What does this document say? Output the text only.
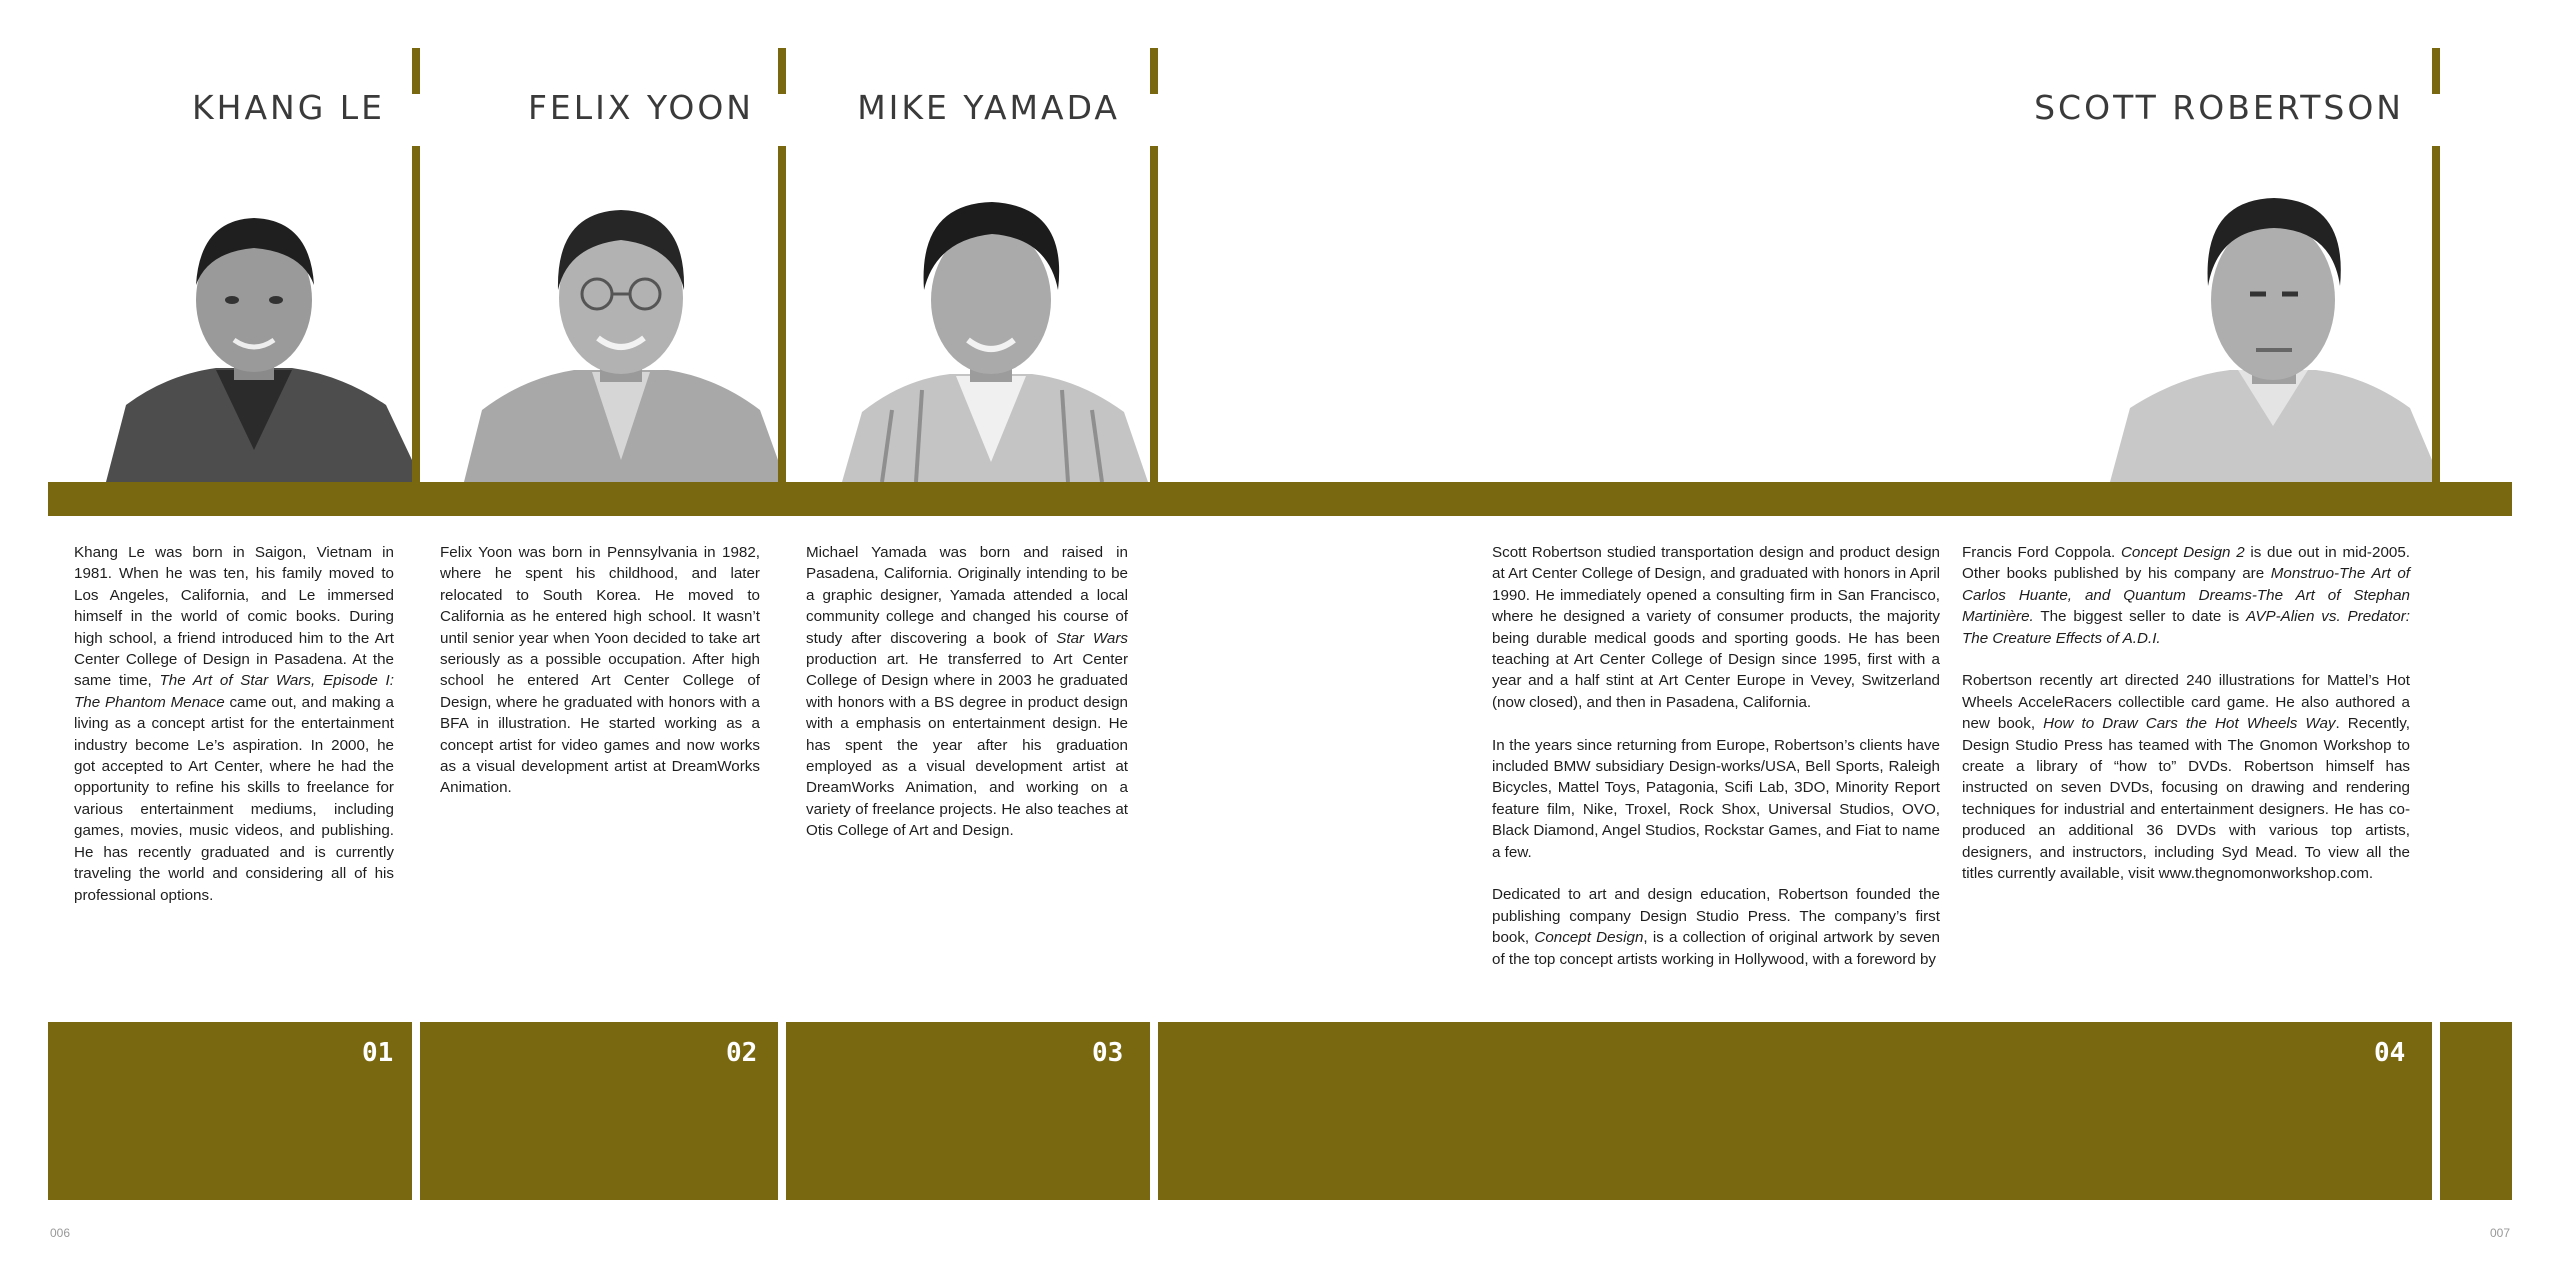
KHANG LE	FELIX YOON	MIKE YAMADA	SCOTT ROBERTSON

Khang Le was born in Saigon, Vietnam in 1981. When he was ten, his family moved to Los Angeles, California, and Le immersed himself in the world of comic books. During high school, a friend introduced him to the Art Center College of Design in Pasadena. At the same time, The Art of Star Wars, Episode I: The Phantom Menace came out, and making a living as a concept artist for the entertainment industry become Le’s aspiration. In 2000, he got accepted to Art Center, where he had the opportunity to refine his skills to freelance for various entertainment mediums, including games, movies, music videos, and publishing. He has recently graduated and is currently traveling the world and considering all of his professional options.

Felix Yoon was born in Pennsylvania in 1982, where he spent his childhood, and later relocated to South Korea. He moved to California as he entered high school. It wasn’t until senior year when Yoon decided to take art seriously as a possible occupation. After high school he entered Art Center College of Design, where he graduated with honors with a BFA in illustration. He started working as a concept artist for video games and now works as a visual development artist at DreamWorks Animation.

Michael Yamada was born and raised in Pasadena, California. Originally intending to be a graphic designer, Yamada attended a local community college and changed his course of study after discovering a book of Star Wars production art. He transferred to Art Center College of Design where in 2003 he graduated with honors with a BS degree in product design with a emphasis on entertainment design. He has spent the year after his graduation employed as a visual development artist at DreamWorks Animation, and working on a variety of freelance projects. He also teaches at Otis College of Art and Design.

Scott Robertson studied transportation design and product design at Art Center College of Design, and graduated with honors in April 1990. He immediately opened a consulting firm in San Francisco, where he designed a variety of consumer products, the majority being durable medical goods and sporting goods. He has been teaching at Art Center College of Design since 1995, first with a year and a half stint at Art Center Europe in Vevey, Switzerland (now closed), and then in Pasadena, California.

In the years since returning from Europe, Robertson’s clients have included BMW subsidiary Design-works/USA, Bell Sports, Raleigh Bicycles, Mattel Toys, Patagonia, Scifi Lab, 3DO, Minority Report feature film, Nike, Troxel, Rock Shox, Universal Studios, OVO, Black Diamond, Angel Studios, Rockstar Games, and Fiat to name a few.

Dedicated to art and design education, Robertson founded the publishing company Design Studio Press. The company’s first book, Concept Design, is a collection of original artwork by seven of the top concept artists working in Hollywood, with a foreword by

Francis Ford Coppola. Concept Design 2 is due out in mid-2005. Other books published by his company are Monstruo-The Art of Carlos Huante, and Quantum Dreams-The Art of Stephan Martinière. The biggest seller to date is AVP-Alien vs. Predator: The Creature Effects of A.D.I.

Robertson recently art directed 240 illustrations for Mattel’s Hot Wheels AcceleRacers collectible card game. He also authored a new book, How to Draw Cars the Hot Wheels Way. Recently, Design Studio Press has teamed with The Gnomon Workshop to create a library of “how to” DVDs. Robertson himself has instructed on seven DVDs, focusing on drawing and rendering techniques for industrial and entertainment designers. He has co-produced an additional 36 DVDs with various top artists, designers, and instructors, including Syd Mead. To view all the titles currently available, visit www.thegnomonworkshop.com.

01	02	03	04
006	007
